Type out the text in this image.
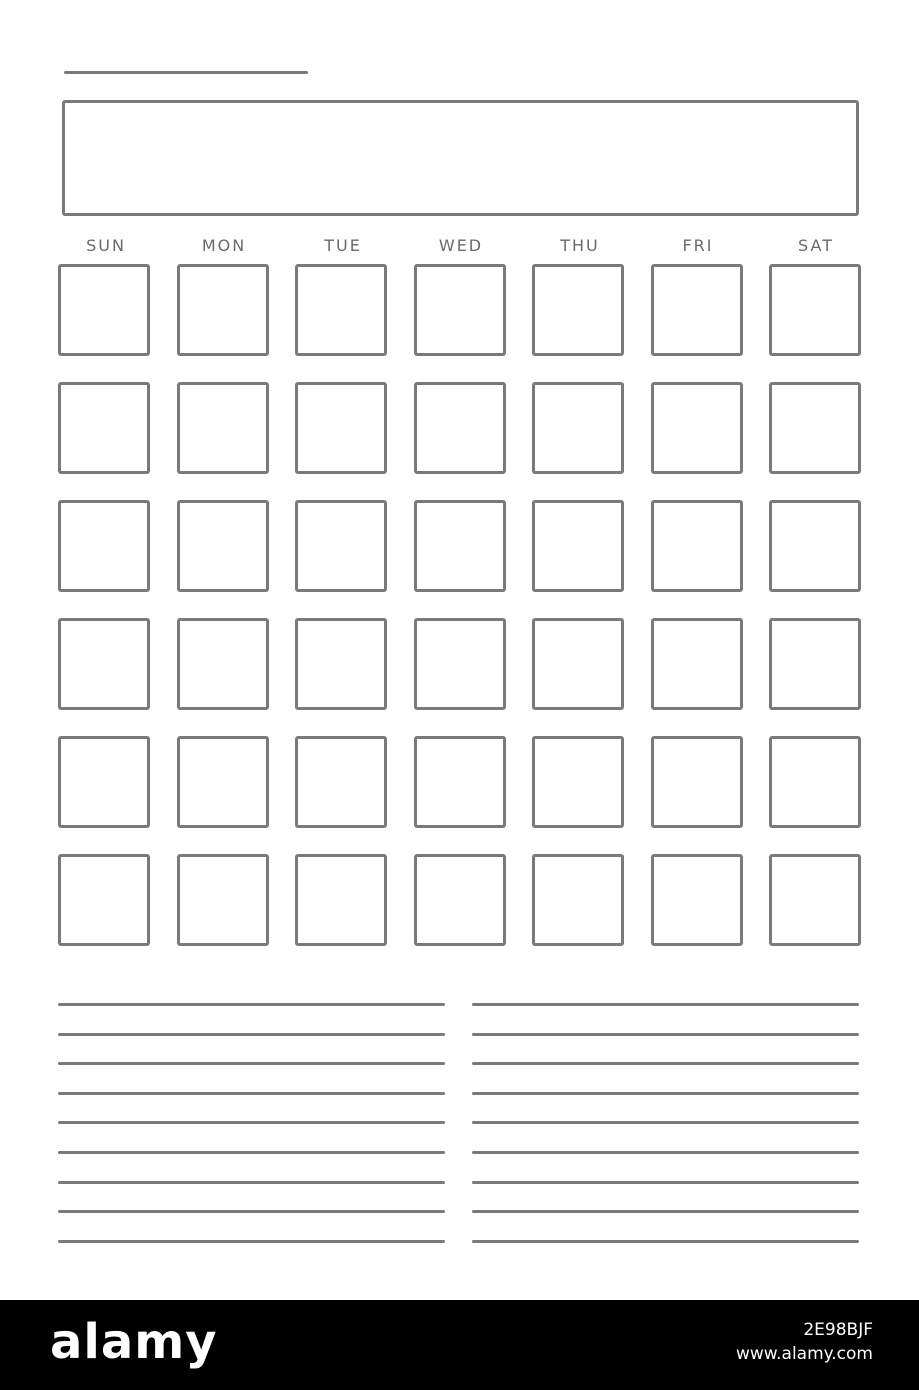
SUN	MON	TUE	WED	THU	FRI	SAT
alamy	2E98BJF
www.alamy.com
